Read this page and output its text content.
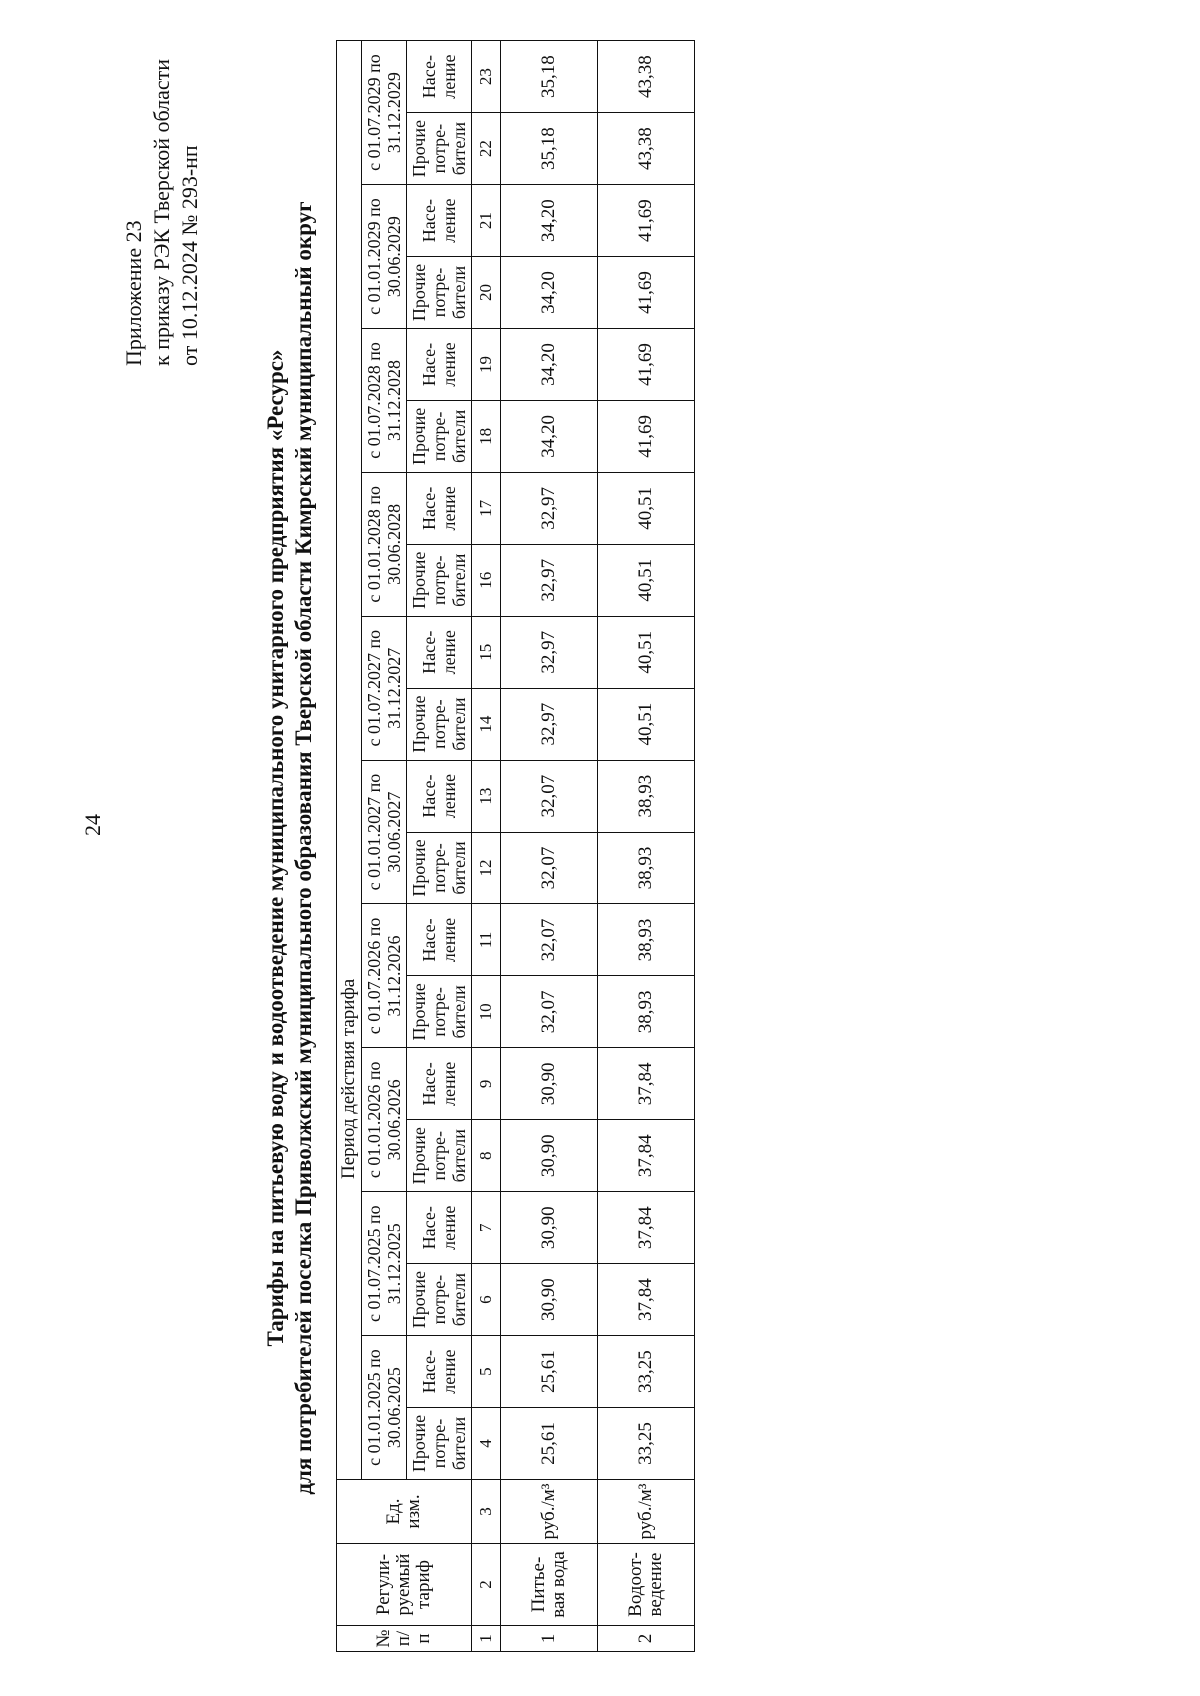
24
Приложение 23 к приказу РЭК Тверской области от 10.12.2024 № 293-нп
Тарифы на питьевую воду и водоотведение муниципального унитарного предприятия «Ресурс» для потребителей поселка Приволжский муниципального образования Тверской области Кимрский муниципальный округ
№ п/п	Регули-руемый тариф	Ед. изм.	Период действия тарифа																			
			с 01.01.2025 по 30.06.2025		с 01.07.2025 по 31.12.2025		с 01.01.2026 по 30.06.2026		с 01.07.2026 по 31.12.2026		с 01.01.2027 по 30.06.2027		с 01.07.2027 по 31.12.2027		с 01.01.2028 по 30.06.2028		с 01.07.2028 по 31.12.2028		с 01.01.2029 по 30.06.2029		с 01.07.2029 по 31.12.2029	
			Прочие потре-бители	Насе-ление	Прочие потре-бители	Насе-ление	Прочие потре-бители	Насе-ление	Прочие потре-бители	Насе-ление	Прочие потре-бители	Насе-ление	Прочие потре-бители	Насе-ление	Прочие потре-бители	Насе-ление	Прочие потре-бители	Насе-ление	Прочие потре-бители	Насе-ление	Прочие потре-бители	Насе-ление
1	2	3	4	5	6	7	8	9	10	11	12	13	14	15	16	17	18	19	20	21	22	23
1	Питье-вая вода	руб./м³	25,61	25,61	30,90	30,90	30,90	30,90	32,07	32,07	32,07	32,07	32,97	32,97	32,97	32,97	34,20	34,20	34,20	34,20	35,18	35,18
2	Водоот-ведение	руб./м³	33,25	33,25	37,84	37,84	37,84	37,84	38,93	38,93	38,93	38,93	40,51	40,51	40,51	40,51	41,69	41,69	41,69	41,69	43,38	43,38
